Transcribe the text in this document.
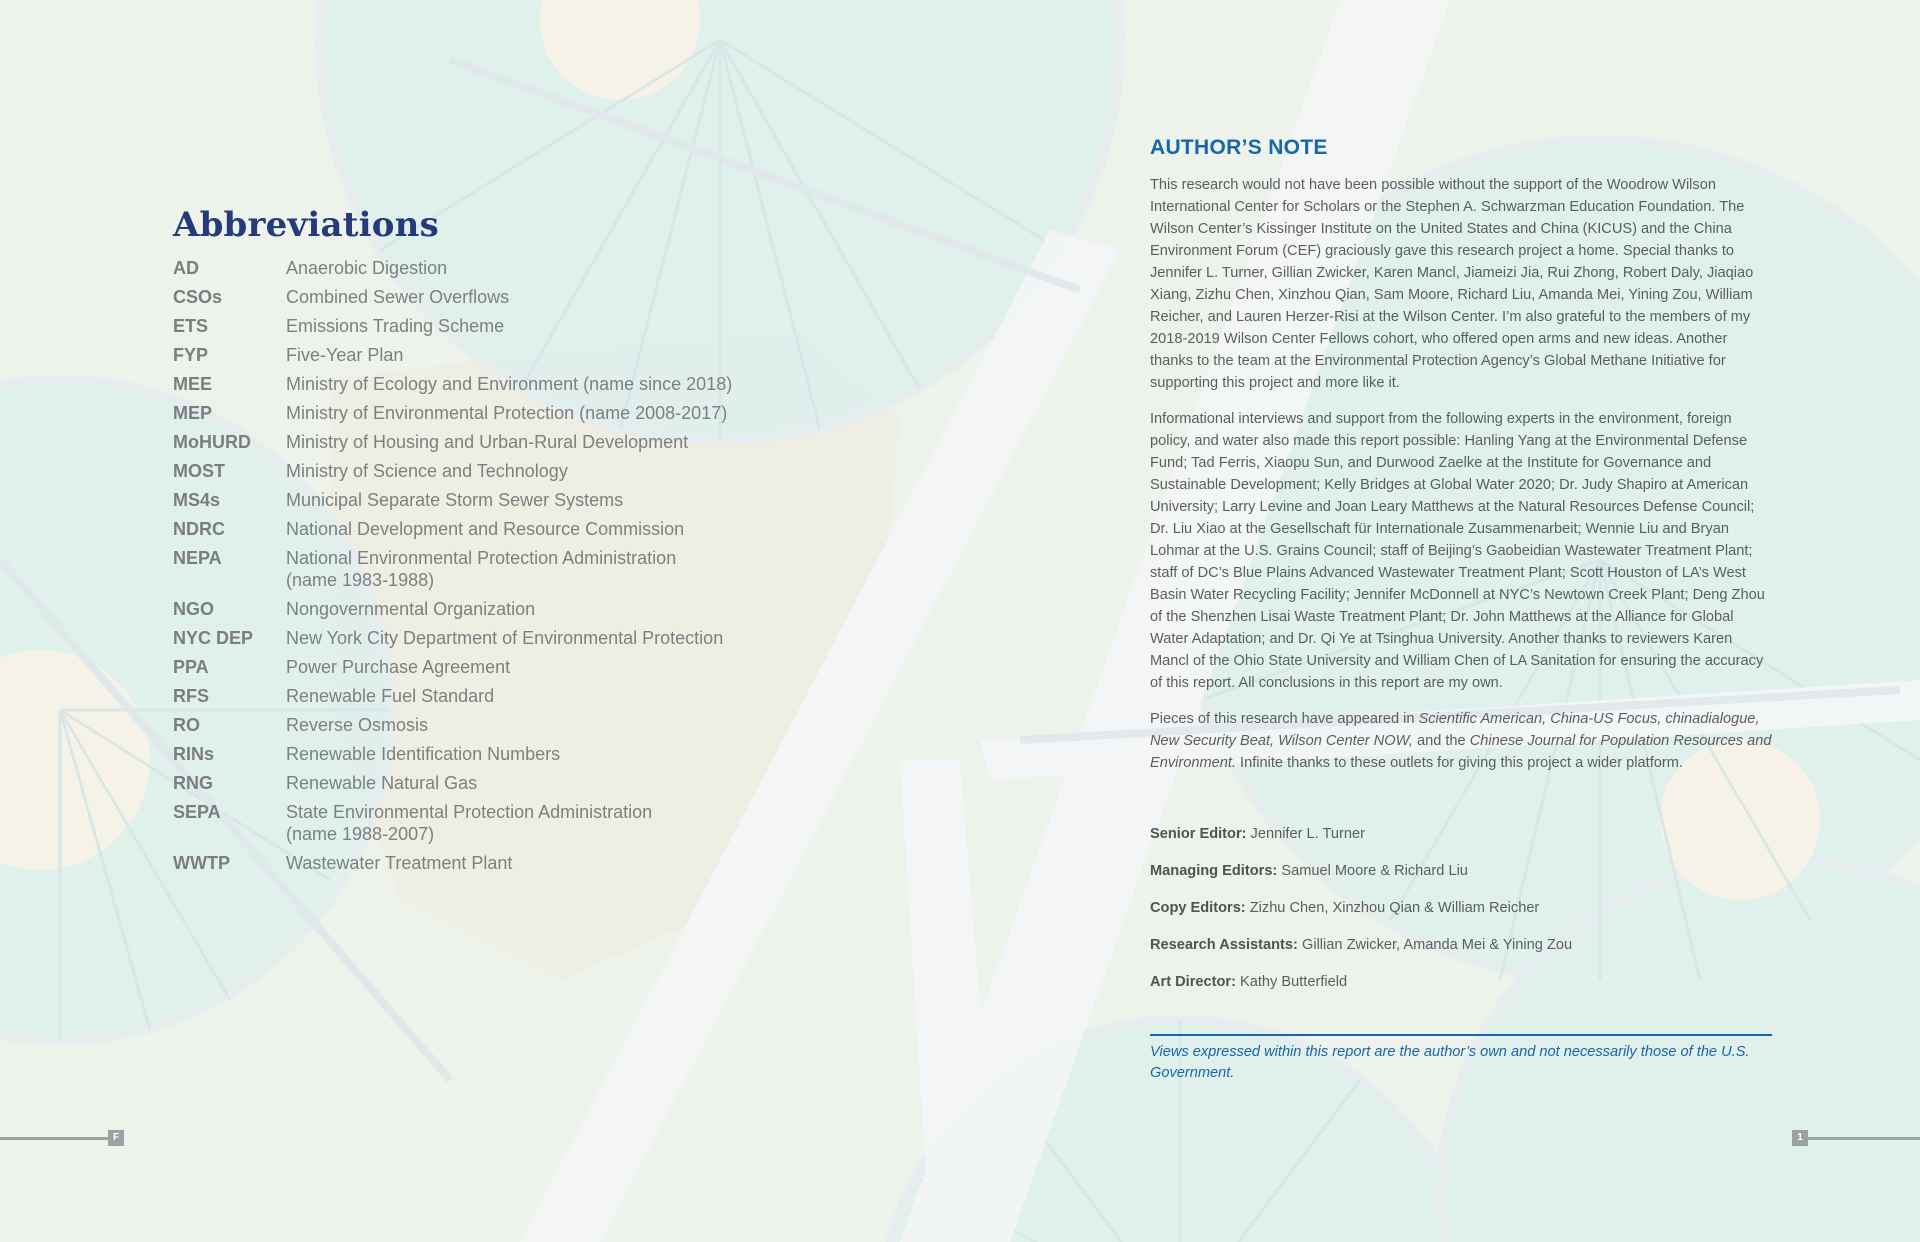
Abbreviations
AD	Anaerobic Digestion
CSOs	Combined Sewer Overflows
ETS	Emissions Trading Scheme
FYP	Five-Year Plan
MEE	Ministry of Ecology and Environment (name since 2018)
MEP	Ministry of Environmental Protection (name 2008-2017)
MoHURD	Ministry of Housing and Urban-Rural Development
MOST	Ministry of Science and Technology
MS4s	Municipal Separate Storm Sewer Systems
NDRC	National Development and Resource Commission
NEPA	National Environmental Protection Administration
(name 1983-1988)
NGO	Nongovernmental Organization
NYC DEP	New York City Department of Environmental Protection
PPA	Power Purchase Agreement
RFS	Renewable Fuel Standard
RO	Reverse Osmosis
RINs	Renewable Identification Numbers
RNG	Renewable Natural Gas
SEPA	State Environmental Protection Administration
(name 1988-2007)
WWTP	Wastewater Treatment Plant
AUTHOR’S NOTE

This research would not have been possible without the support of the Woodrow Wilson International Center for Scholars or the Stephen A. Schwarzman Education Foundation. The Wilson Center’s Kissinger Institute on the United States and China (KICUS) and the China Environment Forum (CEF) graciously gave this research project a home. Special thanks to Jennifer L. Turner, Gillian Zwicker, Karen Mancl, Jiameizi Jia, Rui Zhong, Robert Daly, Jiaqiao Xiang, Zizhu Chen, Xinzhou Qian, Sam Moore, Richard Liu, Amanda Mei, Yining Zou, William Reicher, and Lauren Herzer-Risi at the Wilson Center. I’m also grateful to the members of my 2018-2019 Wilson Center Fellows cohort, who offered open arms and new ideas. Another thanks to the team at the Environmental Protection Agency’s Global Methane Initiative for supporting this project and more like it.

Informational interviews and support from the following experts in the environment, foreign policy, and water also made this report possible: Hanling Yang at the Environmental Defense Fund; Tad Ferris, Xiaopu Sun, and Durwood Zaelke at the Institute for Governance and Sustainable Development; Kelly Bridges at Global Water 2020; Dr. Judy Shapiro at American University; Larry Levine and Joan Leary Matthews at the Natural Resources Defense Council; Dr. Liu Xiao at the Gesellschaft für Internationale Zusammenarbeit; Wennie Liu and Bryan Lohmar at the U.S. Grains Council; staff of Beijing’s Gaobeidian Wastewater Treatment Plant; staff of DC’s Blue Plains Advanced Wastewater Treatment Plant; Scott Houston of LA’s West Basin Water Recycling Facility; Jennifer McDonnell at NYC’s Newtown Creek Plant; Deng Zhou of the Shenzhen Lisai Waste Treatment Plant; Dr. John Matthews at the Alliance for Global Water Adaptation; and Dr. Qi Ye at Tsinghua University. Another thanks to reviewers Karen Mancl of the Ohio State University and William Chen of LA Sanitation for ensuring the accuracy of this report. All conclusions in this report are my own.

Pieces of this research have appeared in Scientific American, China-US Focus, chinadialogue, New Security Beat, Wilson Center NOW, and the Chinese Journal for Population Resources and Environment. Infinite thanks to these outlets for giving this project a wider platform.

Senior Editor: Jennifer L. Turner
Managing Editors: Samuel Moore & Richard Liu
Copy Editors: Zizhu Chen, Xinzhou Qian & William Reicher
Research Assistants: Gillian Zwicker, Amanda Mei & Yining Zou
Art Director: Kathy Butterfield
Views expressed within this report are the author’s own and not necessarily those of the U.S. Government.
F	1
